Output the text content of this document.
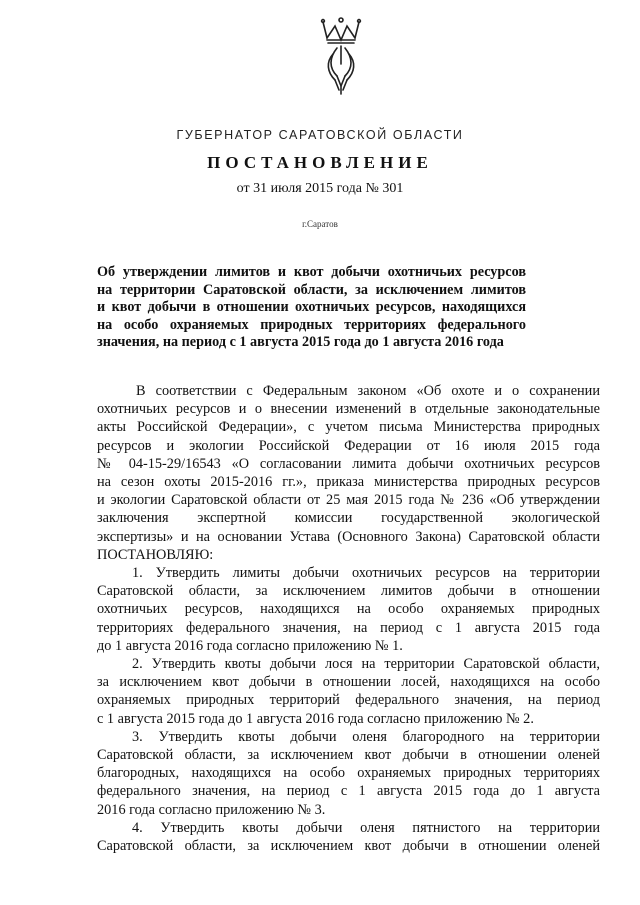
ГУБЕРНАТОР САРАТОВСКОЙ ОБЛАСТИ
ПОСТАНОВЛЕНИЕ
от 31 июля 2015 года № 301
г.Саратов
Об утверждении лимитов и квот добычи охотничьих ресурсов
на территории Саратовской области, за исключением лимитов
и квот добычи в отношении охотничьих ресурсов, находящихся
на особо охраняемых природных территориях федерального
значения, на период с 1 августа 2015 года до 1 августа 2016 года
В соответствии с Федеральным законом «Об охоте и о сохранении
охотничьих ресурсов и о внесении изменений в отдельные законодательные
акты Российской Федерации», с учетом письма Министерства природных
ресурсов и экологии Российской Федерации от 16 июля 2015 года
№ 04-15-29/16543 «О согласовании лимита добычи охотничьих ресурсов
на сезон охоты 2015-2016 гг.», приказа министерства природных ресурсов
и экологии Саратовской области от 25 мая 2015 года № 236 «Об утверждении
заключения экспертной комиссии государственной экологической
экспертизы» и на основании Устава (Основного Закона) Саратовской области
ПОСТАНОВЛЯЮ:
1. Утвердить лимиты добычи охотничьих ресурсов на территории
Саратовской области, за исключением лимитов добычи в отношении
охотничьих ресурсов, находящихся на особо охраняемых природных
территориях федерального значения, на период с 1 августа 2015 года
до 1 августа 2016 года согласно приложению № 1.
2. Утвердить квоты добычи лося на территории Саратовской области,
за исключением квот добычи в отношении лосей, находящихся на особо
охраняемых природных территорий федерального значения, на период
с 1 августа 2015 года до 1 августа 2016 года согласно приложению № 2.
3. Утвердить квоты добычи оленя благородного на территории
Саратовской области, за исключением квот добычи в отношении оленей
благородных, находящихся на особо охраняемых природных территориях
федерального значения, на период с 1 августа 2015 года до 1 августа
2016 года согласно приложению № 3.
4. Утвердить квоты добычи оленя пятнистого на территории
Саратовской области, за исключением квот добычи в отношении оленей
